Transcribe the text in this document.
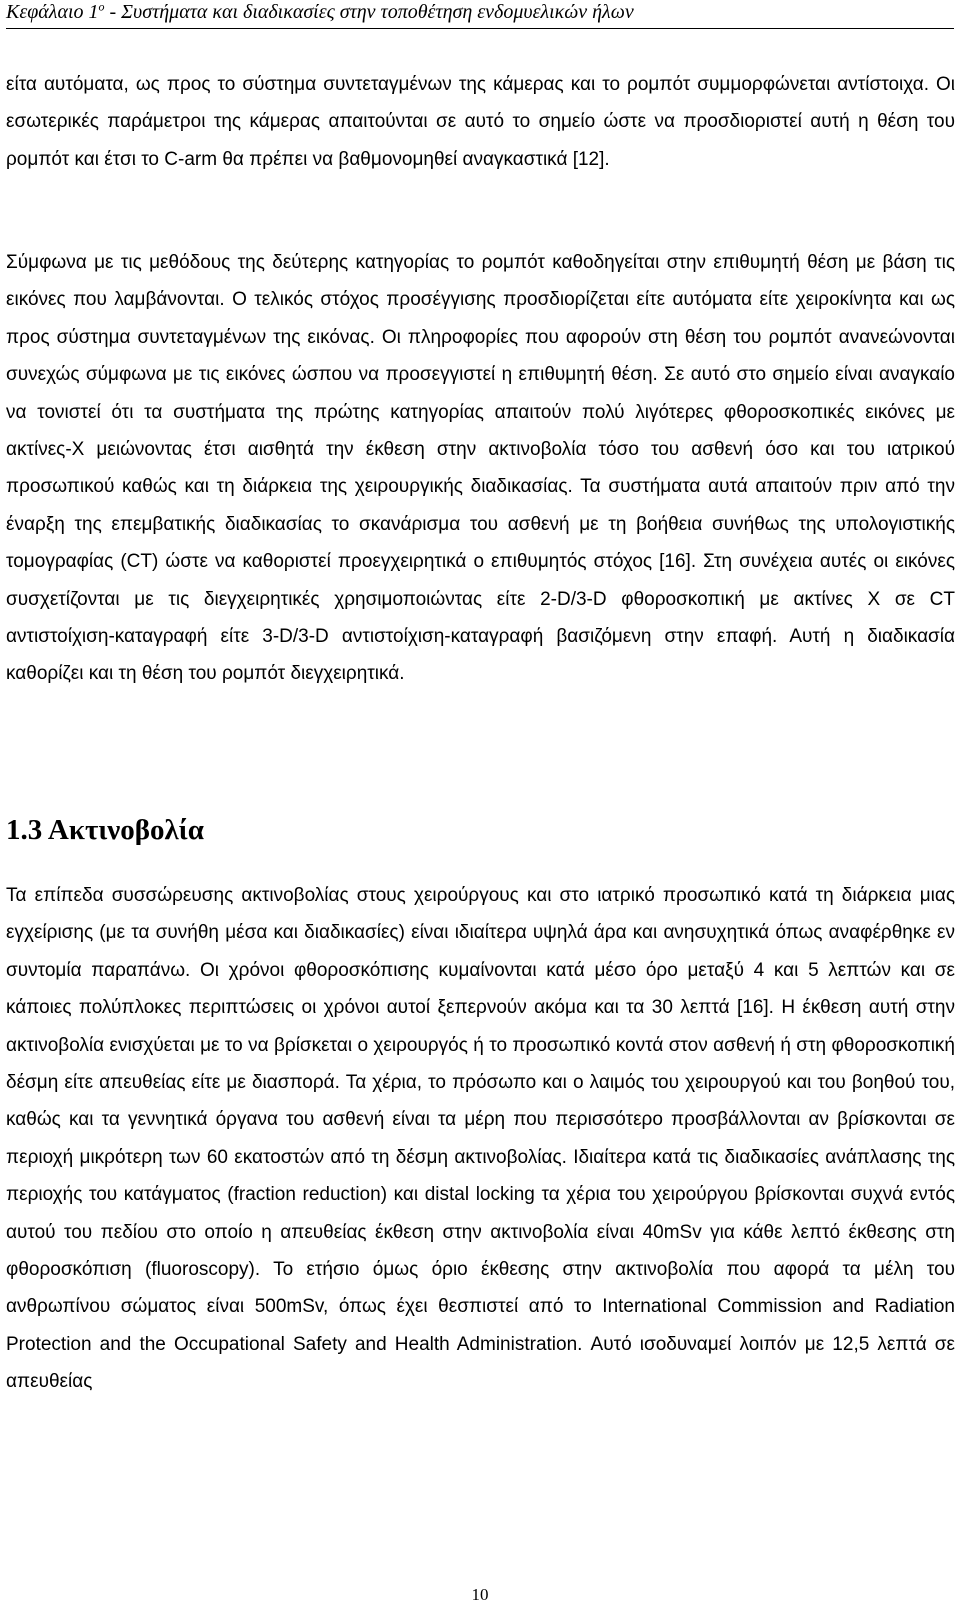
Κεφάλαιο $1^o$ - Συστήματα και διαδικασίες στην τοποθέτηση ενδομυελικών ήλων

είτα αυτόματα, ως προς το σύστημα συντεταγμένων της κάμερας και το ρομπότ συμμορφώνεται αντίστοιχα. Οι εσωτερικές παράμετροι της κάμερας απαιτούνται σε αυτό το σημείο ώστε να προσδιοριστεί αυτή η θέση του ρομπότ και έτσι το C-arm θα πρέπει να βαθμονομηθεί αναγκαστικά [12].

Σύμφωνα με τις μεθόδους της δεύτερης κατηγορίας το ρομπότ καθοδηγείται στην επιθυμητή θέση με βάση τις εικόνες που λαμβάνονται. Ο τελικός στόχος προσέγγισης προσδιορίζεται είτε αυτόματα είτε χειροκίνητα και ως προς σύστημα συντεταγμένων της εικόνας. Οι πληροφορίες που αφορούν στη θέση του ρομπότ ανανεώνονται συνεχώς σύμφωνα με τις εικόνες ώσπου να προσεγγιστεί η επιθυμητή θέση. Σε αυτό στο σημείο είναι αναγκαίο να τονιστεί ότι τα συστήματα της πρώτης κατηγορίας απαιτούν πολύ λιγότερες φθοροσκοπικές εικόνες με ακτίνες-Χ μειώνοντας έτσι αισθητά την έκθεση στην ακτινοβολία τόσο του ασθενή όσο και του ιατρικού προσωπικού καθώς και τη διάρκεια της χειρουργικής διαδικασίας. Τα συστήματα αυτά απαιτούν πριν από την έναρξη της επεμβατικής διαδικασίας το σκανάρισμα του ασθενή με τη βοήθεια συνήθως της υπολογιστικής τομογραφίας (CT) ώστε να καθοριστεί προεγχειρητικά ο επιθυμητός στόχος [16]. Στη συνέχεια αυτές οι εικόνες συσχετίζονται με τις διεγχειρητικές χρησιμοποιώντας είτε 2-D/3-D φθοροσκοπική με ακτίνες Χ σε CT αντιστοίχιση-καταγραφή είτε 3-D/3-D αντιστοίχιση-καταγραφή βασιζόμενη στην επαφή. Αυτή η διαδικασία καθορίζει και τη θέση του ρομπότ διεγχειρητικά.

1.3 Ακτινοβολία

Τα επίπεδα συσσώρευσης ακτινοβολίας στους χειρούργους και στο ιατρικό προσωπικό κατά τη διάρκεια μιας εγχείρισης (με τα συνήθη μέσα και διαδικασίες) είναι ιδιαίτερα υψηλά άρα και ανησυχητικά όπως αναφέρθηκε εν συντομία παραπάνω. Οι χρόνοι φθοροσκόπισης κυμαίνονται κατά μέσο όρο μεταξύ 4 και 5 λεπτών και σε κάποιες πολύπλοκες περιπτώσεις οι χρόνοι αυτοί ξεπερνούν ακόμα και τα 30 λεπτά [16]. Η έκθεση αυτή στην ακτινοβολία ενισχύεται με το να βρίσκεται ο χειρουργός ή το προσωπικό κοντά στον ασθενή ή στη φθοροσκοπική δέσμη είτε απευθείας είτε με διασπορά. Τα χέρια, το πρόσωπο και ο λαιμός του χειρουργού και του βοηθού του, καθώς και τα γεννητικά όργανα του ασθενή είναι τα μέρη που περισσότερο προσβάλλονται αν βρίσκονται σε περιοχή μικρότερη των 60 εκατοστών από τη δέσμη ακτινοβολίας. Ιδιαίτερα κατά τις διαδικασίες ανάπλασης της περιοχής του κατάγματος (fraction reduction) και distal locking τα χέρια του χειρούργου βρίσκονται συχνά εντός αυτού του πεδίου στο οποίο η απευθείας έκθεση στην ακτινοβολία είναι 40mSv για κάθε λεπτό έκθεσης στη φθοροσκόπιση (fluoroscopy). Το ετήσιο όμως όριο έκθεσης στην ακτινοβολία που αφορά τα μέλη του ανθρωπίνου σώματος είναι 500mSv, όπως έχει θεσπιστεί από το International Commission and Radiation Protection and the Occupational Safety and Health Administration. Αυτό ισοδυναμεί λοιπόν με 12,5 λεπτά σε απευθείας

10
